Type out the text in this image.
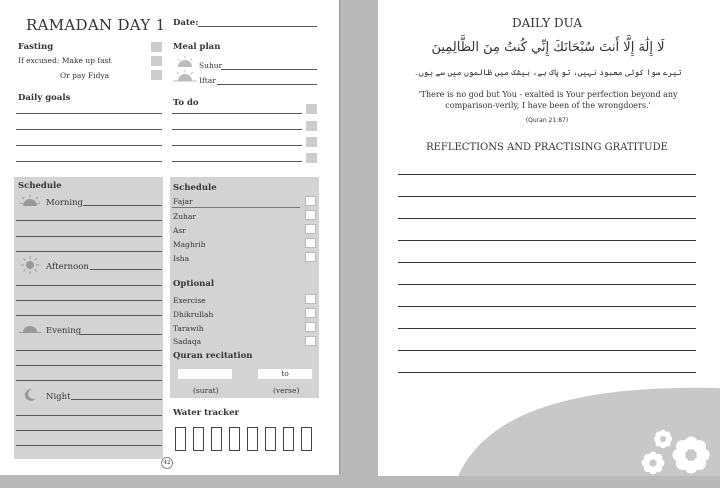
RAMADAN DAY 1
Fasting
If excused: Make up fast
Or pay Fidya
Daily goals
Date:
Meal plan
Suhur
Iftar
To do
Schedule
Morning
Afternoon
Evening
Night
Schedule
Fajar
Zuhar
Asr
Maghrib
Isha
Optional
Exercise
Dhikrullah
Tarawih
Sadaqa
Quran recitation
to
(surat)	(verse)
Water tracker
42
DAILY DUA
لَا إِلَٰهَ إِلَّا أَنتَ سُبْحَانَكَ إِنِّي كُنتُ مِنَ الظَّالِمِينَ
تیرے سوا کوئی معبود نہیں، تو پاک ہے، بیشک میں ظالموں میں سے ہوں۔
'There is no god but You - exalted is Your perfection beyond any comparison-verily, I have been of the wrongdoers.'
(Quran 21:87)
REFLECTIONS AND PRACTISING GRATITUDE
